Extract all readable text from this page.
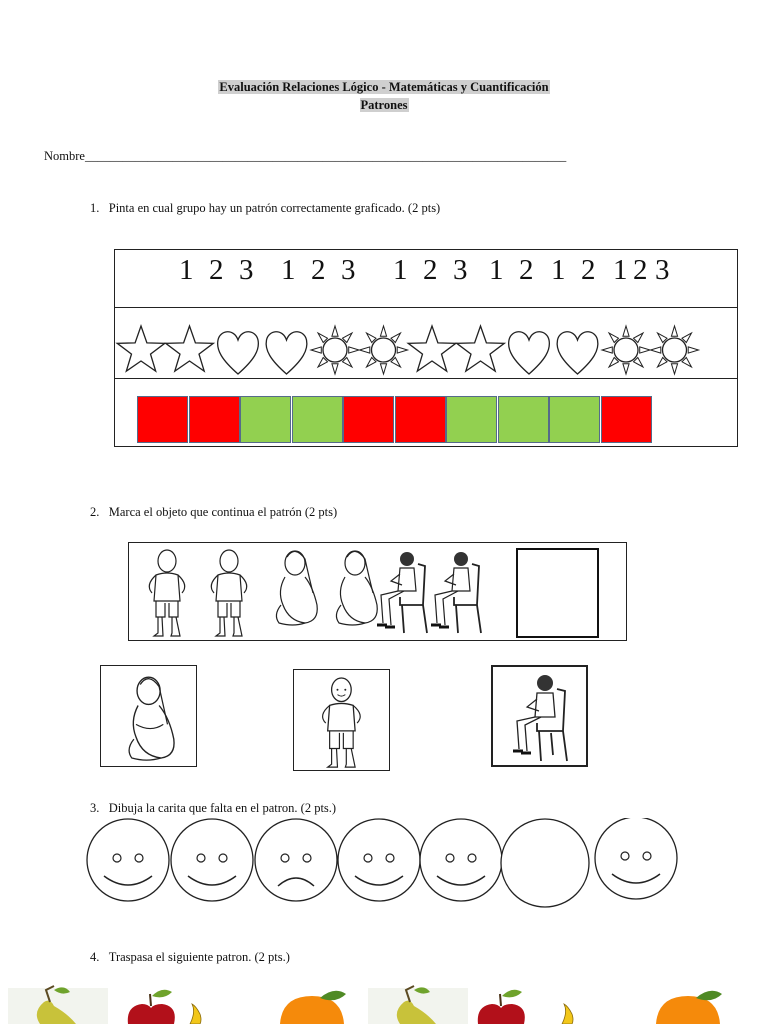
Evaluación Relaciones Lógico - Matemáticas y Cuantificación
Patrones
Nombre_____________________________________________________________________________
1. Pinta en cual grupo hay un patrón correctamente graficado. (2 pts)
1 2 3 1 2 3 1 2 3 1 2 1 2 1 2 3
2. Marca el objeto que continua el patrón (2 pts)
3. Dibuja la carita que falta en el patron. (2 pts.)
4. Traspasa el siguiente patron. (2 pts.)
